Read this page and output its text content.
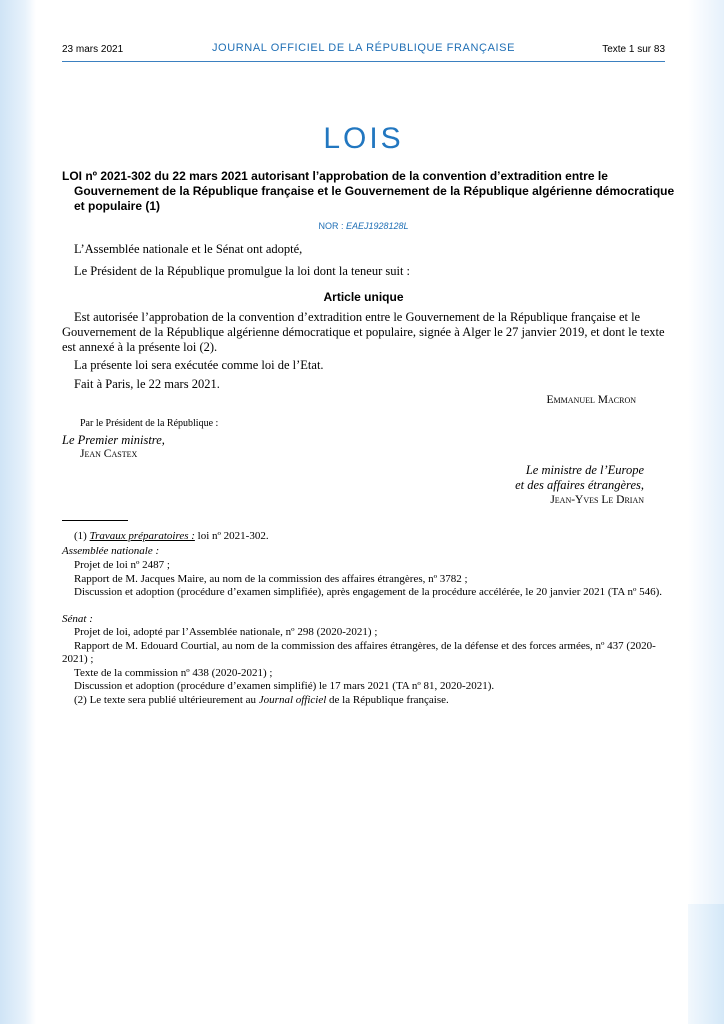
23 mars 2021	JOURNAL OFFICIEL DE LA RÉPUBLIQUE FRANÇAISE	Texte 1 sur 83
LOIS
LOI nº 2021-302 du 22 mars 2021 autorisant l’approbation de la convention d’extradition entre le Gouvernement de la République française et le Gouvernement de la République algérienne démocratique et populaire (1)
NOR : EAEJ1928128L
L’Assemblée nationale et le Sénat ont adopté,
Le Président de la République promulgue la loi dont la teneur suit :
Article unique
Est autorisée l’approbation de la convention d’extradition entre le Gouvernement de la République française et le Gouvernement de la République algérienne démocratique et populaire, signée à Alger le 27 janvier 2019, et dont le texte est annexé à la présente loi (2).
La présente loi sera exécutée comme loi de l’Etat.
Fait à Paris, le 22 mars 2021.
Emmanuel Macron
Par le Président de la République :
Le Premier ministre,
Jean Castex
Le ministre de l’Europe
et des affaires étrangères,
Jean-Yves Le Drian
(1) Travaux préparatoires : loi nº 2021-302.
Assemblée nationale :
Projet de loi nº 2487 ;
Rapport de M. Jacques Maire, au nom de la commission des affaires étrangères, nº 3782 ;
Discussion et adoption (procédure d’examen simplifiée), après engagement de la procédure accélérée, le 20 janvier 2021 (TA nº 546).
Sénat :
Projet de loi, adopté par l’Assemblée nationale, nº 298 (2020-2021) ;
Rapport de M. Edouard Courtial, au nom de la commission des affaires étrangères, de la défense et des forces armées, nº 437 (2020-2021) ;
Texte de la commission nº 438 (2020-2021) ;
Discussion et adoption (procédure d’examen simplifié) le 17 mars 2021 (TA nº 81, 2020-2021).
(2) Le texte sera publié ultérieurement au Journal officiel de la République française.
